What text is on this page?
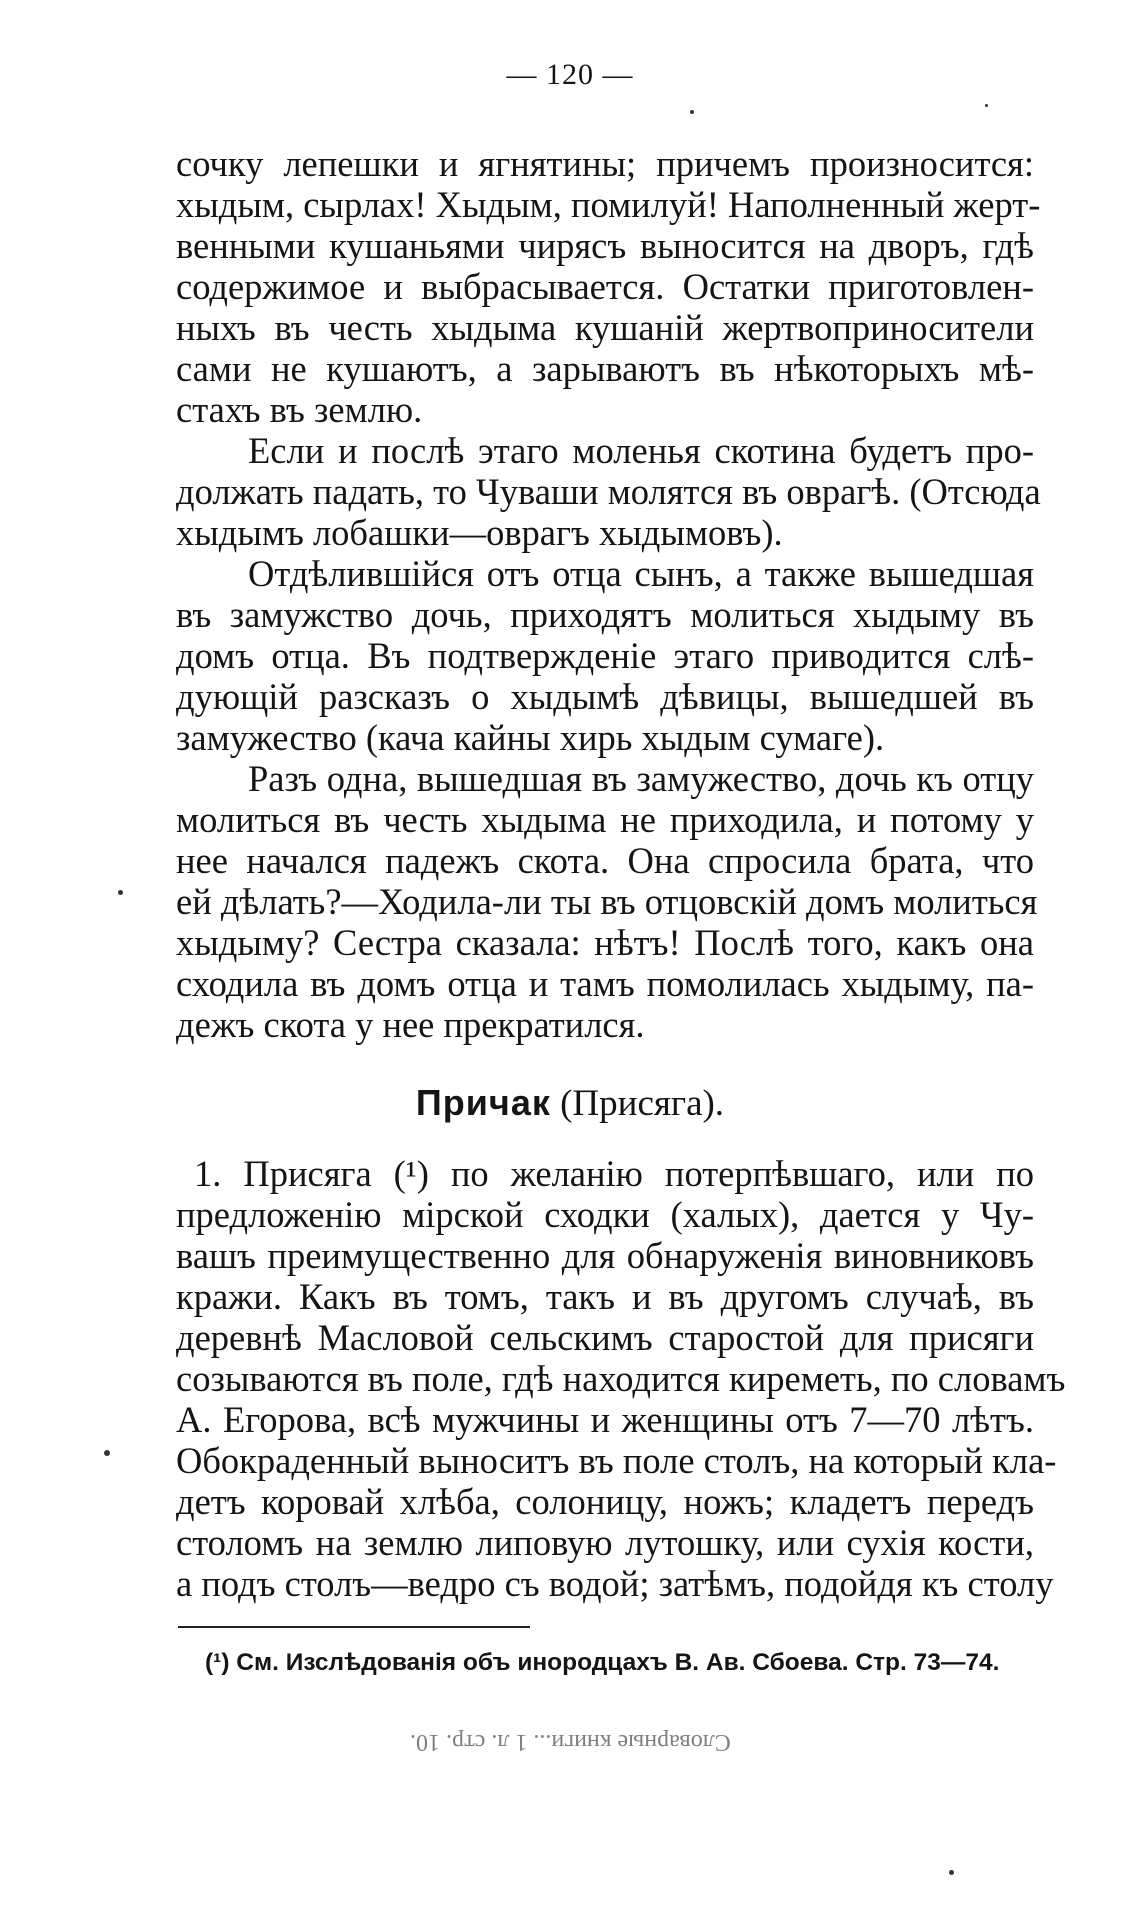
— 120 —
сочку лепешки и ягнятины; причемъ произносится:
хыдым, сырлах! Хыдым, помилуй! Наполненный жерт-
венными кушаньями чирясъ выносится на дворъ, гдѣ
содержимое и выбрасывается. Остатки приготовлен-
ныхъ въ честь хыдыма кушаній жертвоприносители
сами не кушаютъ, а зарываютъ въ нѣкоторыхъ мѣ-
стахъ въ землю.
Если и послѣ этаго моленья скотина будетъ про-
должать падать, то Чуваши молятся въ оврагѣ. (Отсюда
хыдымъ лобашки—оврагъ хыдымовъ).
Отдѣлившійся отъ отца сынъ, а также вышедшая
въ замужство дочь, приходятъ молиться хыдыму въ
домъ отца. Въ подтвержденіе этаго приводится слѣ-
дующій разсказъ о хыдымѣ дѣвицы, вышедшей въ
замужество (кача кайны хирь хыдым сумаге).
Разъ одна, вышедшая въ замужество, дочь къ отцу
молиться въ честь хыдыма не приходила, и потому у
нее начался падежъ скота. Она спросила брата, что
ей дѣлать?—Ходила-ли ты въ отцовскій домъ молиться
хыдыму? Сестра сказала: нѣтъ! Послѣ того, какъ она
сходила въ домъ отца и тамъ помолилась хыдыму, па-
дежъ скота у нее прекратился.
Причак (Присяга).
1. Присяга (¹) по желанію потерпѣвшаго, или по
предложенію мірской сходки (халых), дается у Чу-
вашъ преимущественно для обнаруженія виновниковъ
кражи. Какъ въ томъ, такъ и въ другомъ случаѣ, въ
деревнѣ Масловой сельскимъ старостой для присяги
созываются въ поле, гдѣ находится киреметь, по словамъ
А. Егорова, всѣ мужчины и женщины отъ 7—70 лѣтъ.
Обокраденный выноситъ въ поле столъ, на который кла-
детъ коровай хлѣба, солоницу, ножъ; кладетъ передъ
столомъ на землю липовую лутошку, или сухія кости,
а подъ столъ—ведро съ водой; затѣмъ, подойдя къ столу
(¹) См. Изслѣдованія объ инородцахъ В. Ав. Сбоева. Стр. 73—74.
Словарные книги... 1 л. стр. 10.
